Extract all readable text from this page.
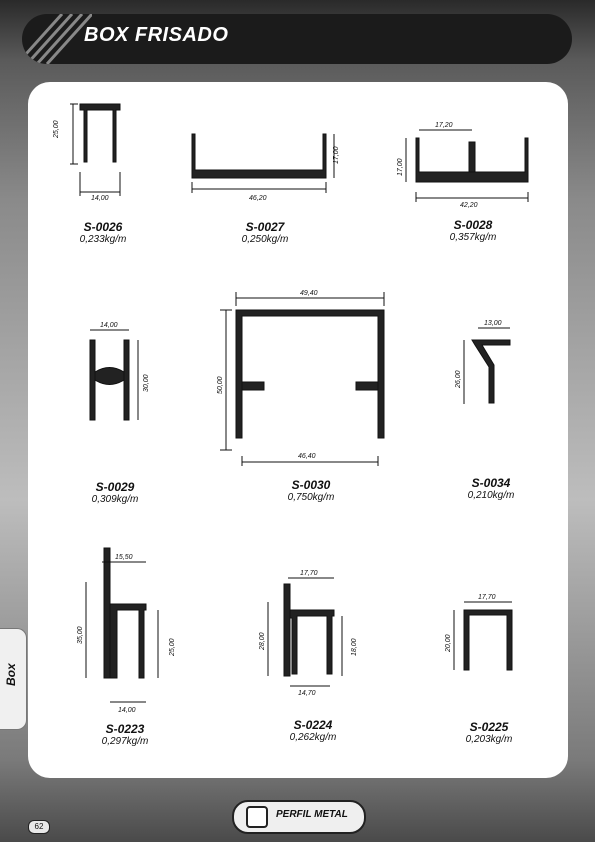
BOX FRISADO
25,00
14,00
17,00
46,20
17,20
17,00
42,20
14,00
30,00
49,40
50,00
46,40
13,00
26,00
15,50
35,00
25,00
14,00
17,70
28,00	18,00
14,70
17,70
20,00
S-0026
0,233kg/m
S-0027
0,250kg/m
S-0028
0,357kg/m
S-0029
0,309kg/m
S-0030
0,750kg/m
S-0034
0,210kg/m
S-0223
0,297kg/m
S-0224
0,262kg/m
S-0225
0,203kg/m
Box
PERFIL METAL
62
